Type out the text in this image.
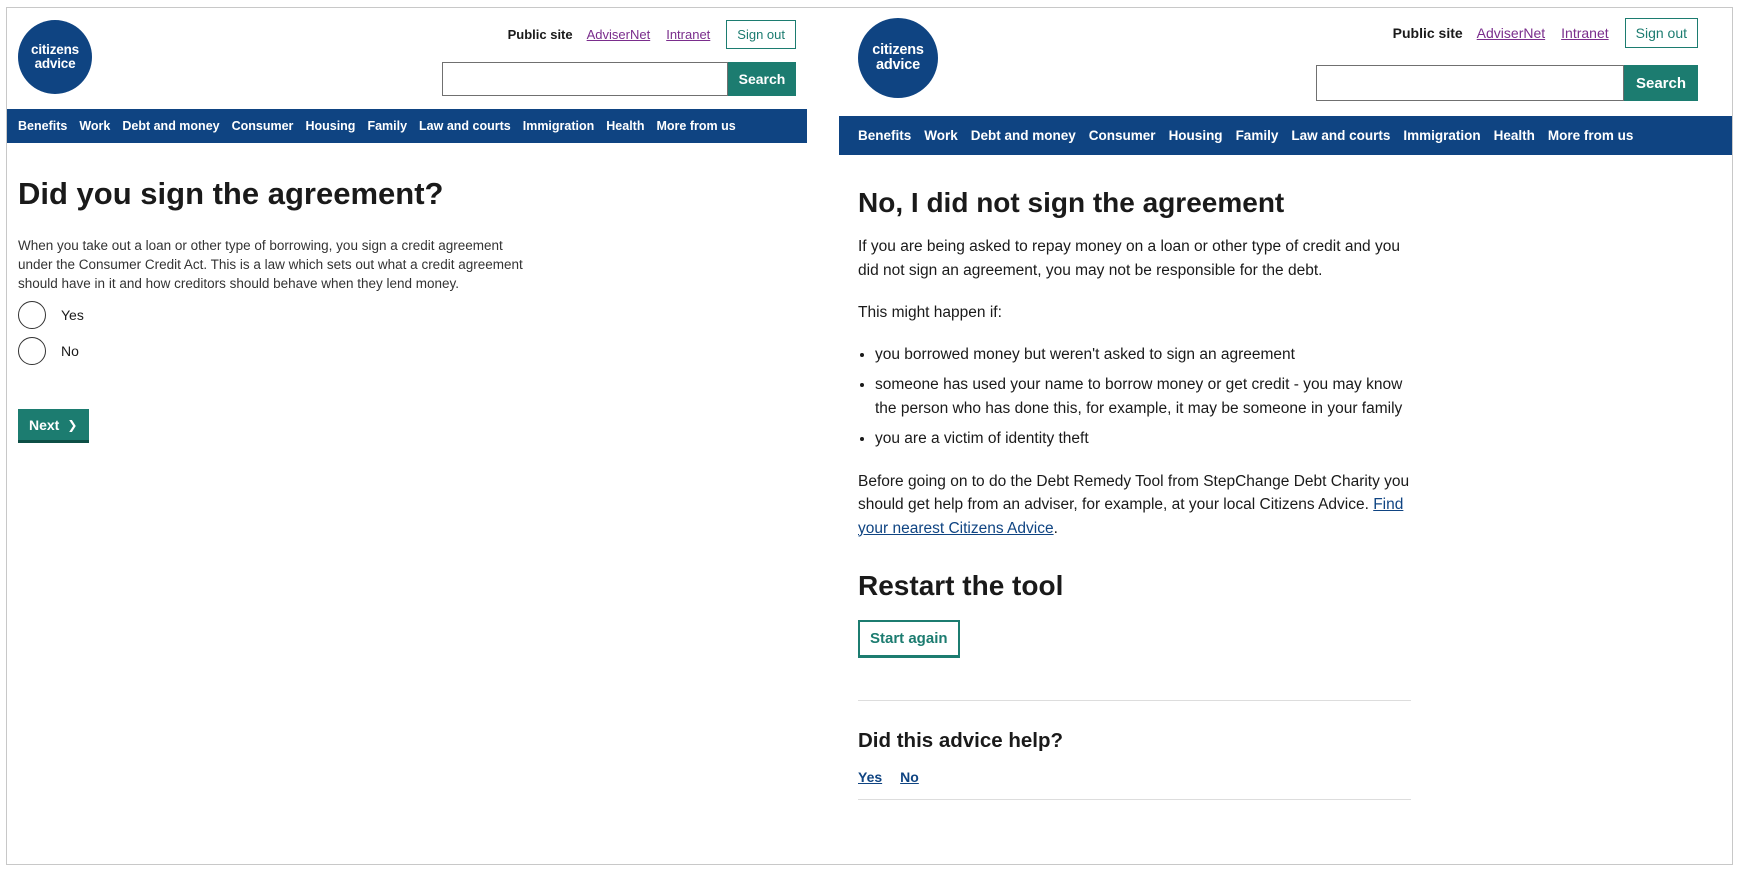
citizens
advice
Public site AdviserNet Intranet	Sign out
Search
Benefits Work Debt and money Consumer Housing Family Law and courts Immigration Health More from us
Did you sign the agreement?
When you take out a loan or other type of borrowing, you sign a credit agreement under the Consumer Credit Act. This is a law which sets out what a credit agreement should have in it and how creditors should behave when they lend money.
Yes
No
Next ❯
citizens
advice
Public site AdviserNet Intranet	Sign out
Search
Benefits Work Debt and money Consumer Housing Family Law and courts Immigration Health More from us
No, I did not sign the agreement

If you are being asked to repay money on a loan or other type of credit and you did not sign an agreement, you may not be responsible for the debt.

This might happen if:

• you borrowed money but weren't asked to sign an agreement
• someone has used your name to borrow money or get credit - you may know the person who has done this, for example, it may be someone in your family
• you are a victim of identity theft

Before going on to do the Debt Remedy Tool from StepChange Debt Charity you should get help from an adviser, for example, at your local Citizens Advice. Find your nearest Citizens Advice.

Restart the tool
Start again
Did this advice help?
Yes No
